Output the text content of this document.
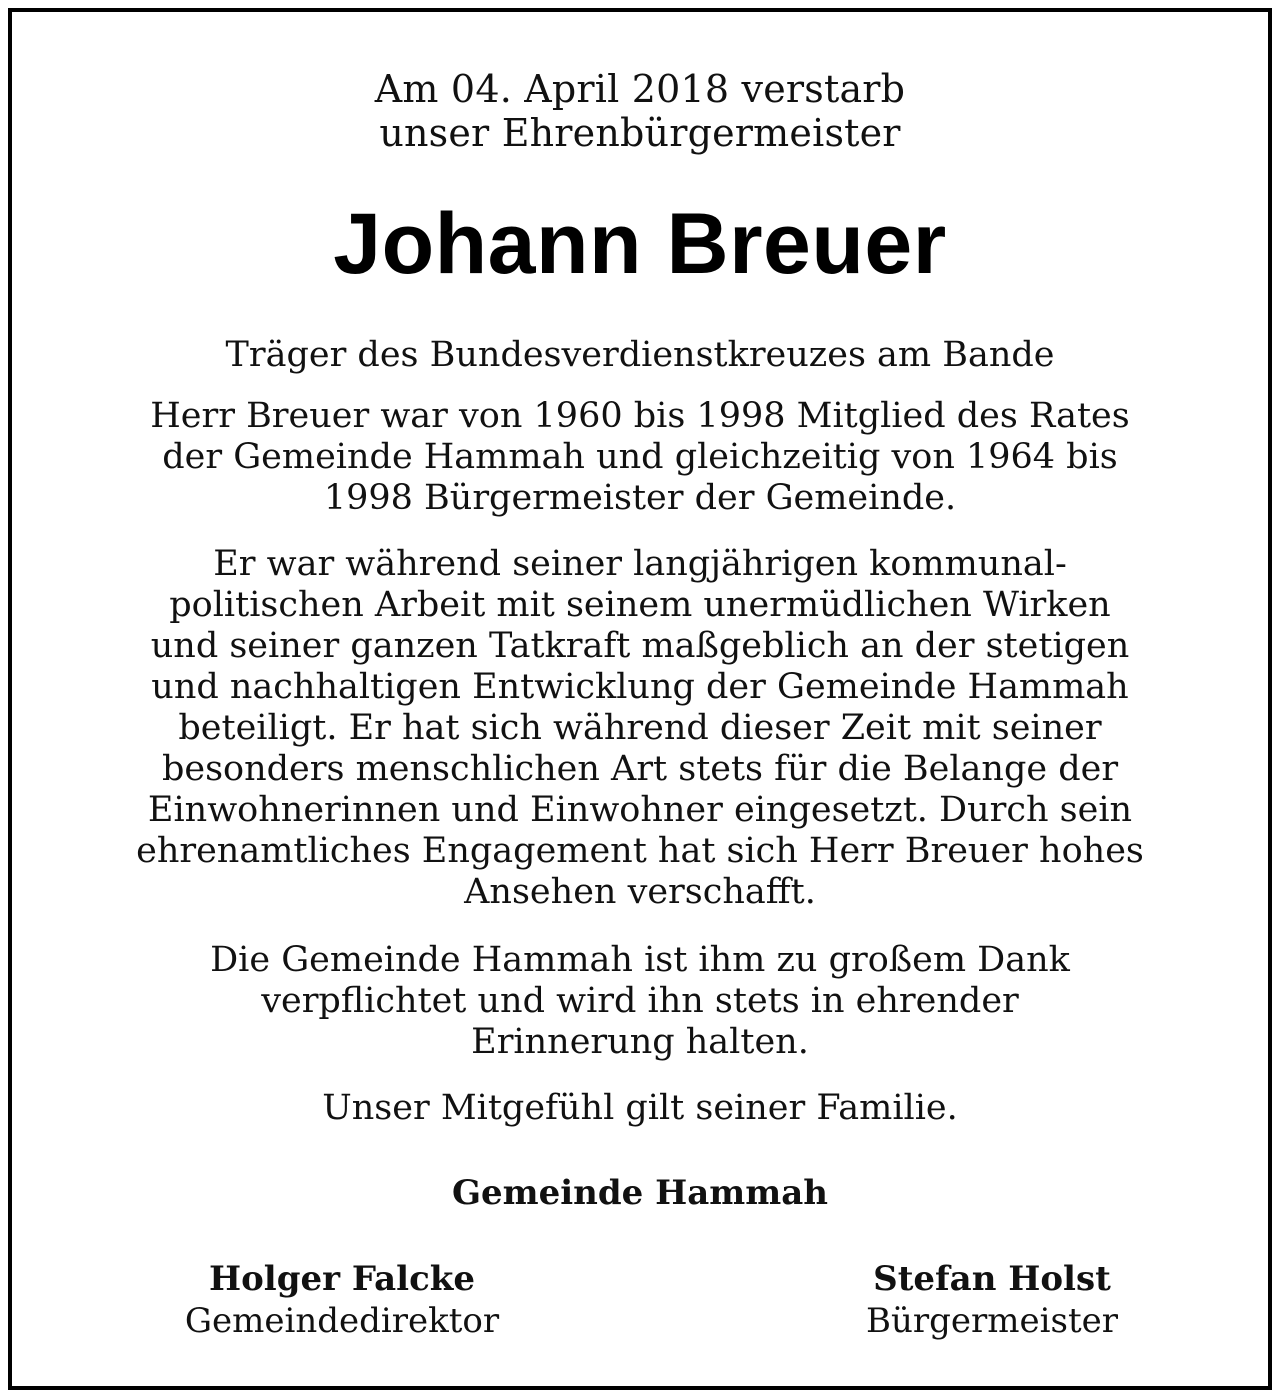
Am 04. April 2018 verstarb
unser Ehrenbürgermeister
Johann Breuer
Träger des Bundesverdienstkreuzes am Bande
Herr Breuer war von 1960 bis 1998 Mitglied des Rates
der Gemeinde Hammah und gleichzeitig von 1964 bis
1998 Bürgermeister der Gemeinde.
Er war während seiner langjährigen kommunal-
politischen Arbeit mit seinem unermüdlichen Wirken
und seiner ganzen Tatkraft maßgeblich an der stetigen
und nachhaltigen Entwicklung der Gemeinde Hammah
beteiligt. Er hat sich während dieser Zeit mit seiner
besonders menschlichen Art stets für die Belange der
Einwohnerinnen und Einwohner eingesetzt. Durch sein
ehrenamtliches Engagement hat sich Herr Breuer hohes
Ansehen verschafft.
Die Gemeinde Hammah ist ihm zu großem Dank
verpflichtet und wird ihn stets in ehrender
Erinnerung halten.
Unser Mitgefühl gilt seiner Familie.
Gemeinde Hammah
Holger Falcke
Gemeindedirektor
Stefan Holst
Bürgermeister
